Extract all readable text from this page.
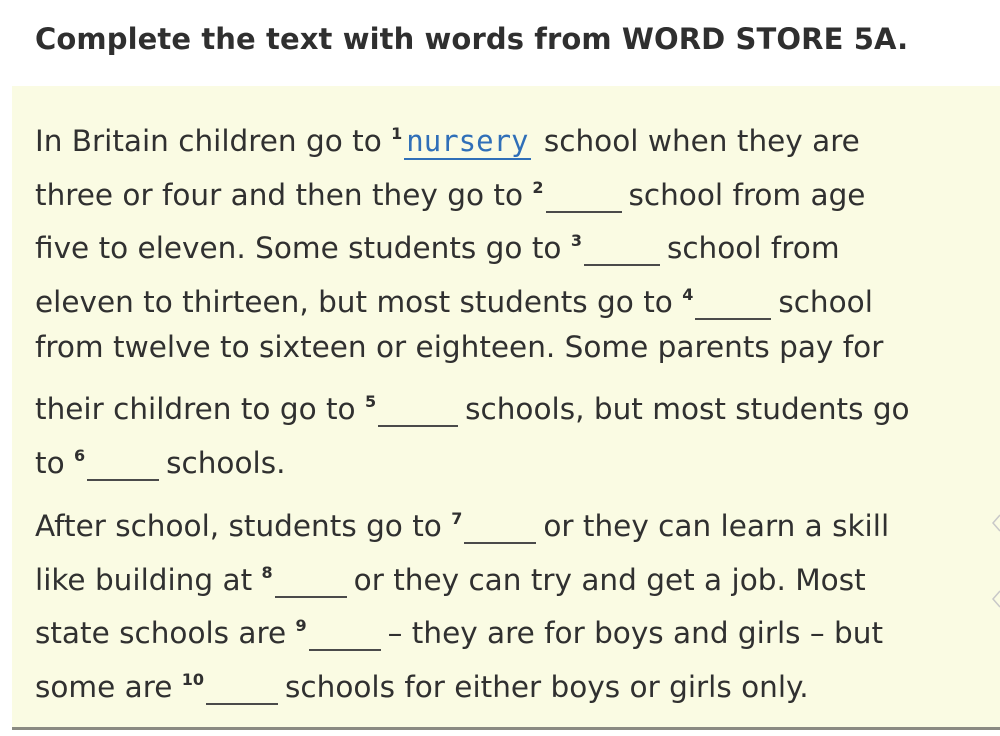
Complete the text with words from WORD STORE 5A.
In Britain children go to $^1$ nursery school when they are
three or four and then they go to $^2$	school from age
five to eleven. Some students go to $^3$	school from
eleven to thirteen, but most students go to $^4$	school
from twelve to sixteen or eighteen. Some parents pay for
their children to go to $^5$	schools, but most students go
to $^6$	schools.
After school, students go to $^7$	or they can learn a skill
like building at $^8$	or they can try and get a job. Most
state schools are $^9$	– they are for boys and girls – but
some are $^{10}$	schools for either boys or girls only.
